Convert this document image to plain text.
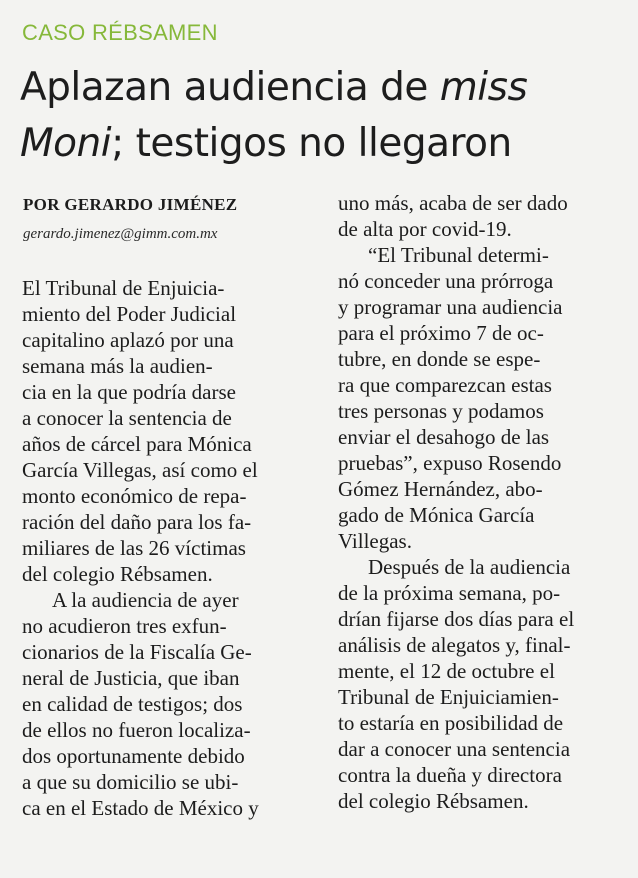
CASO RÉBSAMEN
Aplazan audiencia de miss
Moni; testigos no llegaron
POR GERARDO JIMÉNEZ
gerardo.jimenez@gimm.com.mx
El Tribunal de Enjuicia-
miento del Poder Judicial
capitalino aplazó por una
semana más la audien-
cia en la que podría darse
a conocer la sentencia de
años de cárcel para Mónica
García Villegas, así como el
monto económico de repa-
ración del daño para los fa-
miliares de las 26 víctimas
del colegio Rébsamen.
A la audiencia de ayer
no acudieron tres exfun-
cionarios de la Fiscalía Ge-
neral de Justicia, que iban
en calidad de testigos; dos
de ellos no fueron localiza-
dos oportunamente debido
a que su domicilio se ubi-
ca en el Estado de México y
uno más, acaba de ser dado
de alta por covid-19.
“El Tribunal determi-
nó conceder una prórroga
y programar una audiencia
para el próximo 7 de oc-
tubre, en donde se espe-
ra que comparezcan estas
tres personas y podamos
enviar el desahogo de las
pruebas”, expuso Rosendo
Gómez Hernández, abo-
gado de Mónica García
Villegas.
Después de la audiencia
de la próxima semana, po-
drían fijarse dos días para el
análisis de alegatos y, final-
mente, el 12 de octubre el
Tribunal de Enjuiciamien-
to estaría en posibilidad de
dar a conocer una sentencia
contra la dueña y directora
del colegio Rébsamen.
